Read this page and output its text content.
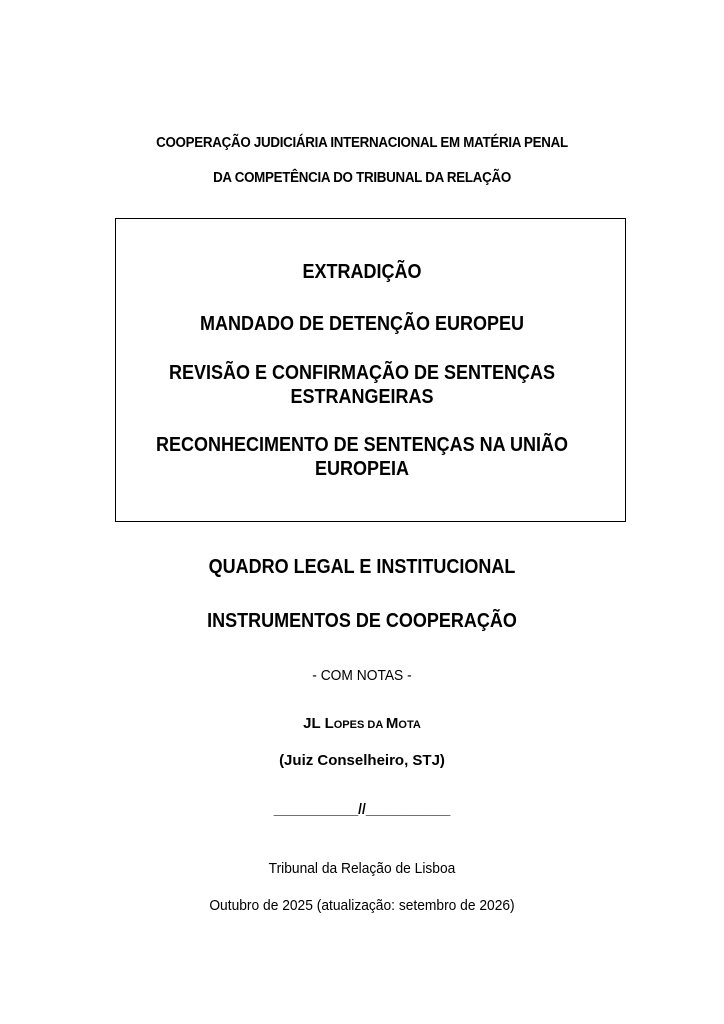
COOPERAÇÃO JUDICIÁRIA INTERNACIONAL EM MATÉRIA PENAL
DA COMPETÊNCIA DO TRIBUNAL DA RELAÇÃO
EXTRADIÇÃO
MANDADO DE DETENÇÃO EUROPEU
REVISÃO E CONFIRMAÇÃO DE SENTENÇAS
ESTRANGEIRAS
RECONHECIMENTO DE SENTENÇAS NA UNIÃO
EUROPEIA
QUADRO LEGAL E INSTITUCIONAL
INSTRUMENTOS DE COOPERAÇÃO
- COM NOTAS -
JL LOPES DA MOTA
(Juiz Conselheiro, STJ)
___________//___________
Tribunal da Relação de Lisboa
Outubro de 2025 (atualização: setembro de 2026)
